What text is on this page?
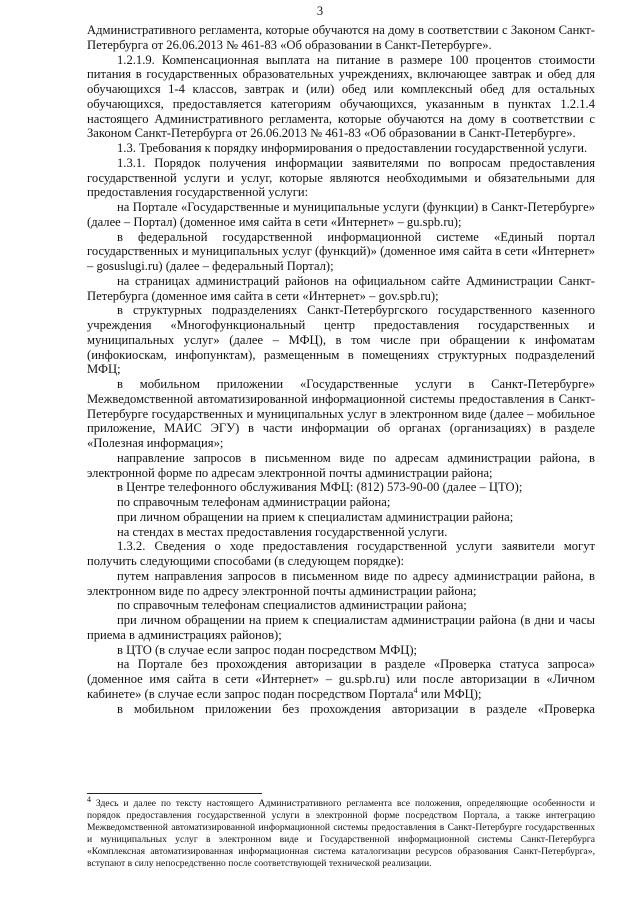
3

Административного регламента, которые обучаются на дому в соответствии с Законом Санкт-Петербурга от 26.06.2013 № 461-83 «Об образовании в Санкт-Петербурге».

1.2.1.9. Компенсационная выплата на питание в размере 100 процентов стоимости питания в государственных образовательных учреждениях, включающее завтрак и обед для обучающихся 1-4 классов, завтрак и (или) обед или комплексный обед для остальных обучающихся, предоставляется категориям обучающихся, указанным в пунктах 1.2.1.4 настоящего Административного регламента, которые обучаются на дому в соответствии с Законом Санкт-Петербурга от 26.06.2013 № 461-83 «Об образовании в Санкт-Петербурге».

1.3. Требования к порядку информирования о предоставлении государственной услуги.

1.3.1. Порядок получения информации заявителями по вопросам предоставления государственной услуги и услуг, которые являются необходимыми и обязательными для предоставления государственной услуги:

на Портале «Государственные и муниципальные услуги (функции) в Санкт-Петербурге» (далее – Портал) (доменное имя сайта в сети «Интернет» – gu.spb.ru);

в федеральной государственной информационной системе «Единый портал государственных и муниципальных услуг (функций)» (доменное имя сайта в сети «Интернет» – gosuslugi.ru) (далее – федеральный Портал);

на страницах администраций районов на официальном сайте Администрации Санкт-Петербурга (доменное имя сайта в сети «Интернет» – gov.spb.ru);

в структурных подразделениях Санкт-Петербургского государственного казенного учреждения «Многофункциональный центр предоставления государственных и муниципальных услуг» (далее – МФЦ), в том числе при обращении к инфоматам (инфокиоскам, инфопунктам), размещенным в помещениях структурных подразделений МФЦ;

в мобильном приложении «Государственные услуги в Санкт-Петербурге» Межведомственной автоматизированной информационной системы предоставления в Санкт-Петербурге государственных и муниципальных услуг в электронном виде (далее – мобильное приложение, МАИС ЭГУ) в части информации об органах (организациях) в разделе «Полезная информация»;

направление запросов в письменном виде по адресам администрации района, в электронной форме по адресам электронной почты администрации района;

в Центре телефонного обслуживания МФЦ: (812) 573-90-00 (далее – ЦТО);

по справочным телефонам администрации района;

при личном обращении на прием к специалистам администрации района;

на стендах в местах предоставления государственной услуги.

1.3.2. Сведения о ходе предоставления государственной услуги заявители могут получить следующими способами (в следующем порядке):

путем направления запросов в письменном виде по адресу администрации района, в электронном виде по адресу электронной почты администрации района;

по справочным телефонам специалистов администрации района;

при личном обращении на прием к специалистам администрации района (в дни и часы приема в администрациях районов);

в ЦТО (в случае если запрос подан посредством МФЦ);

на Портале без прохождения авторизации в разделе «Проверка статуса запроса» (доменное имя сайта в сети «Интернет» – gu.spb.ru) или после авторизации в «Личном кабинете» (в случае если запрос подан посредством Портала$^4$ или МФЦ);

в мобильном приложении без прохождения авторизации в разделе «Проверка

$^4$ Здесь и далее по тексту настоящего Административного регламента все положения, определяющие особенности и порядок предоставления государственной услуги в электронной форме посредством Портала, а также интеграцию Межведомственной автоматизированной информационной системы предоставления в Санкт-Петербурге государственных и муниципальных услуг в электронном виде и Государственной информационной системы Санкт-Петербурга «Комплексная автоматизированная информационная система каталогизации ресурсов образования Санкт-Петербурга», вступают в силу непосредственно после соответствующей технической реализации.
